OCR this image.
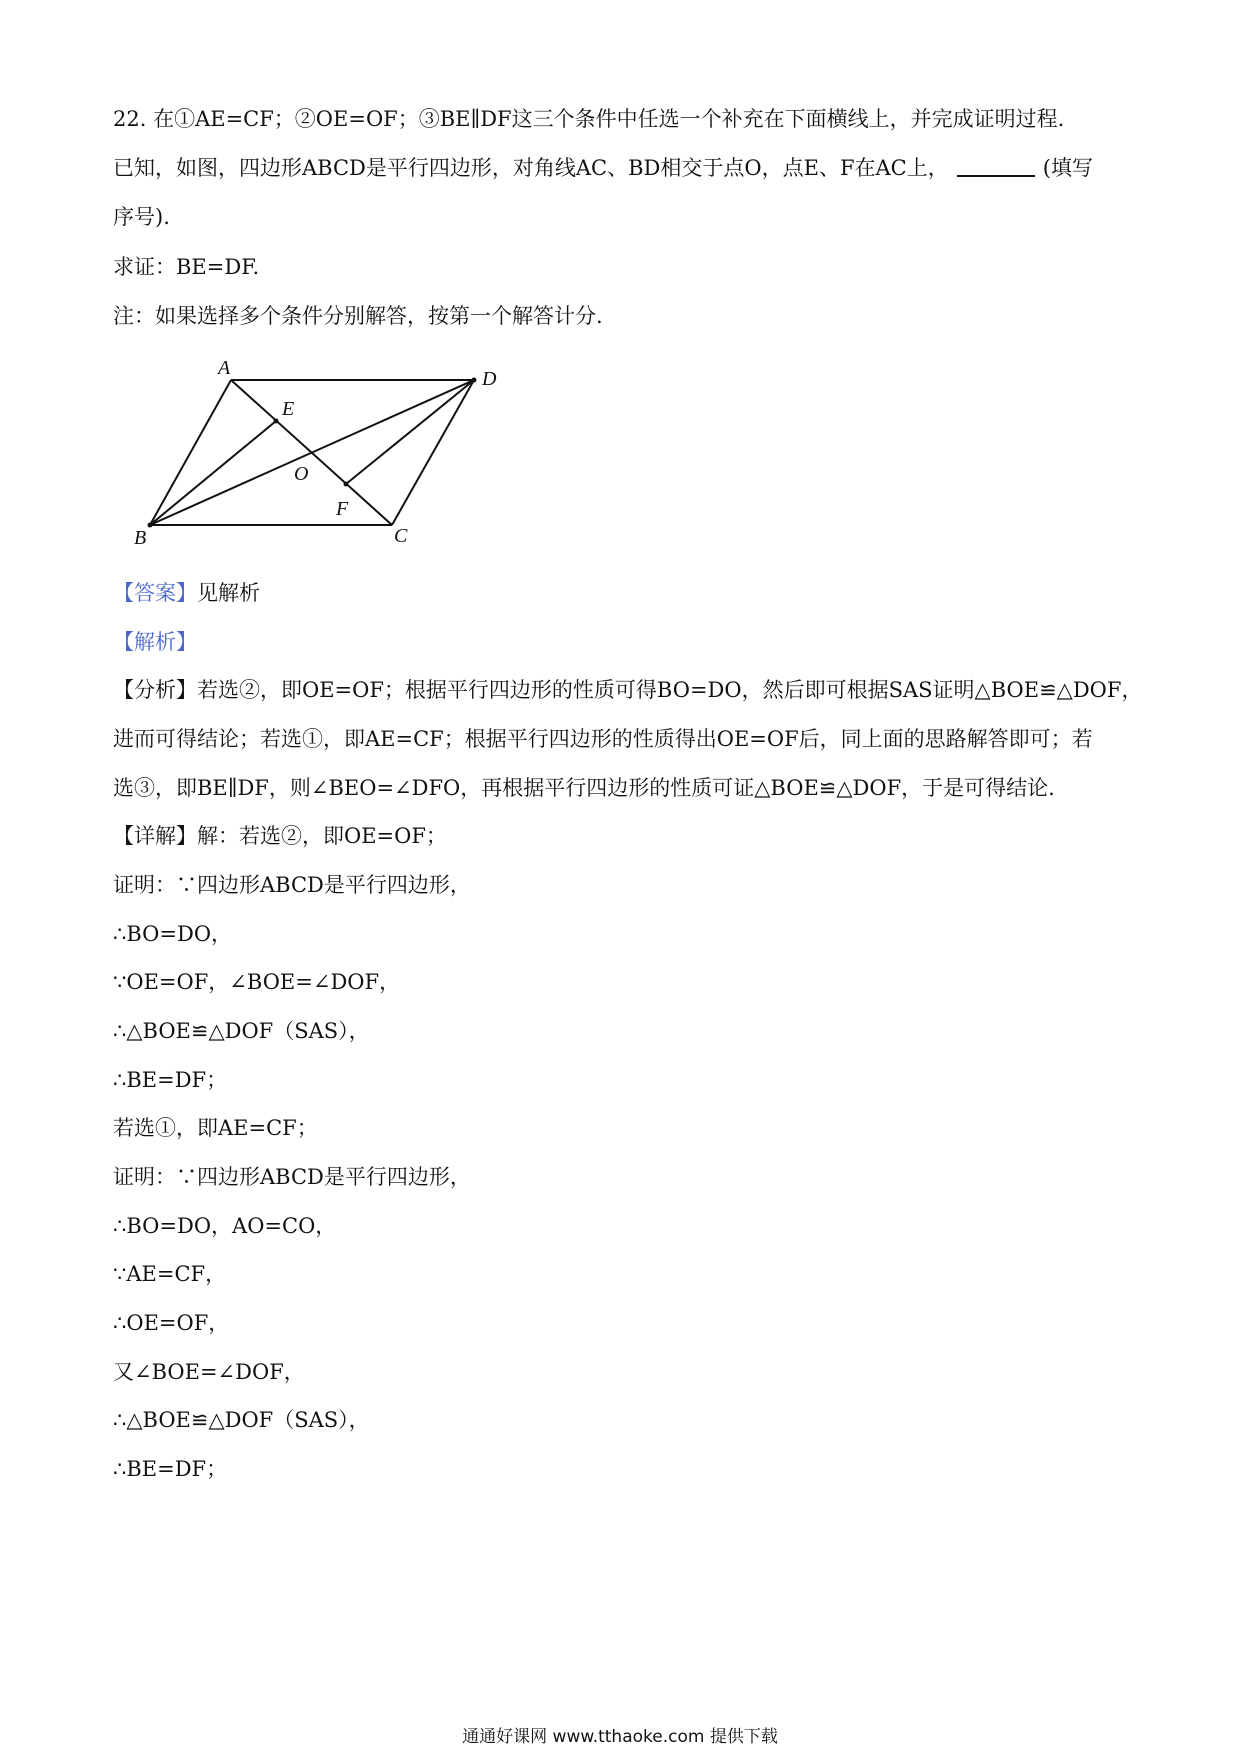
22. 在①AE=CF；②OE=OF；③BE∥DF这三个条件中任选一个补充在下面横线上，并完成证明过程.
已知，如图，四边形ABCD是平行四边形，对角线AC、BD相交于点O，点E、F在AC上，	(填写
序号).
求证：BE=DF.
注：如果选择多个条件分别解答，按第一个解答计分.
A	D
B	C
E
F
O
【答案】见解析
【解析】
【分析】若选②，即OE=OF；根据平行四边形的性质可得BO=DO，然后即可根据SAS证明△BOE≌△DOF，
进而可得结论；若选①，即AE=CF；根据平行四边形的性质得出OE=OF后，同上面的思路解答即可；若
选③，即BE∥DF，则∠BEO=∠DFO，再根据平行四边形的性质可证△BOE≌△DOF，于是可得结论.
【详解】解：若选②，即OE=OF；
证明：∵四边形ABCD是平行四边形，
∴BO=DO，
∵OE=OF，∠BOE=∠DOF，
∴△BOE≌△DOF（SAS），
∴BE=DF；
若选①，即AE=CF；
证明：∵四边形ABCD是平行四边形，
∴BO=DO，AO=CO，
∵AE=CF，
∴OE=OF，
又∠BOE=∠DOF，
∴△BOE≌△DOF（SAS），
∴BE=DF；
通通好课网 www.tthaoke.com 提供下载
